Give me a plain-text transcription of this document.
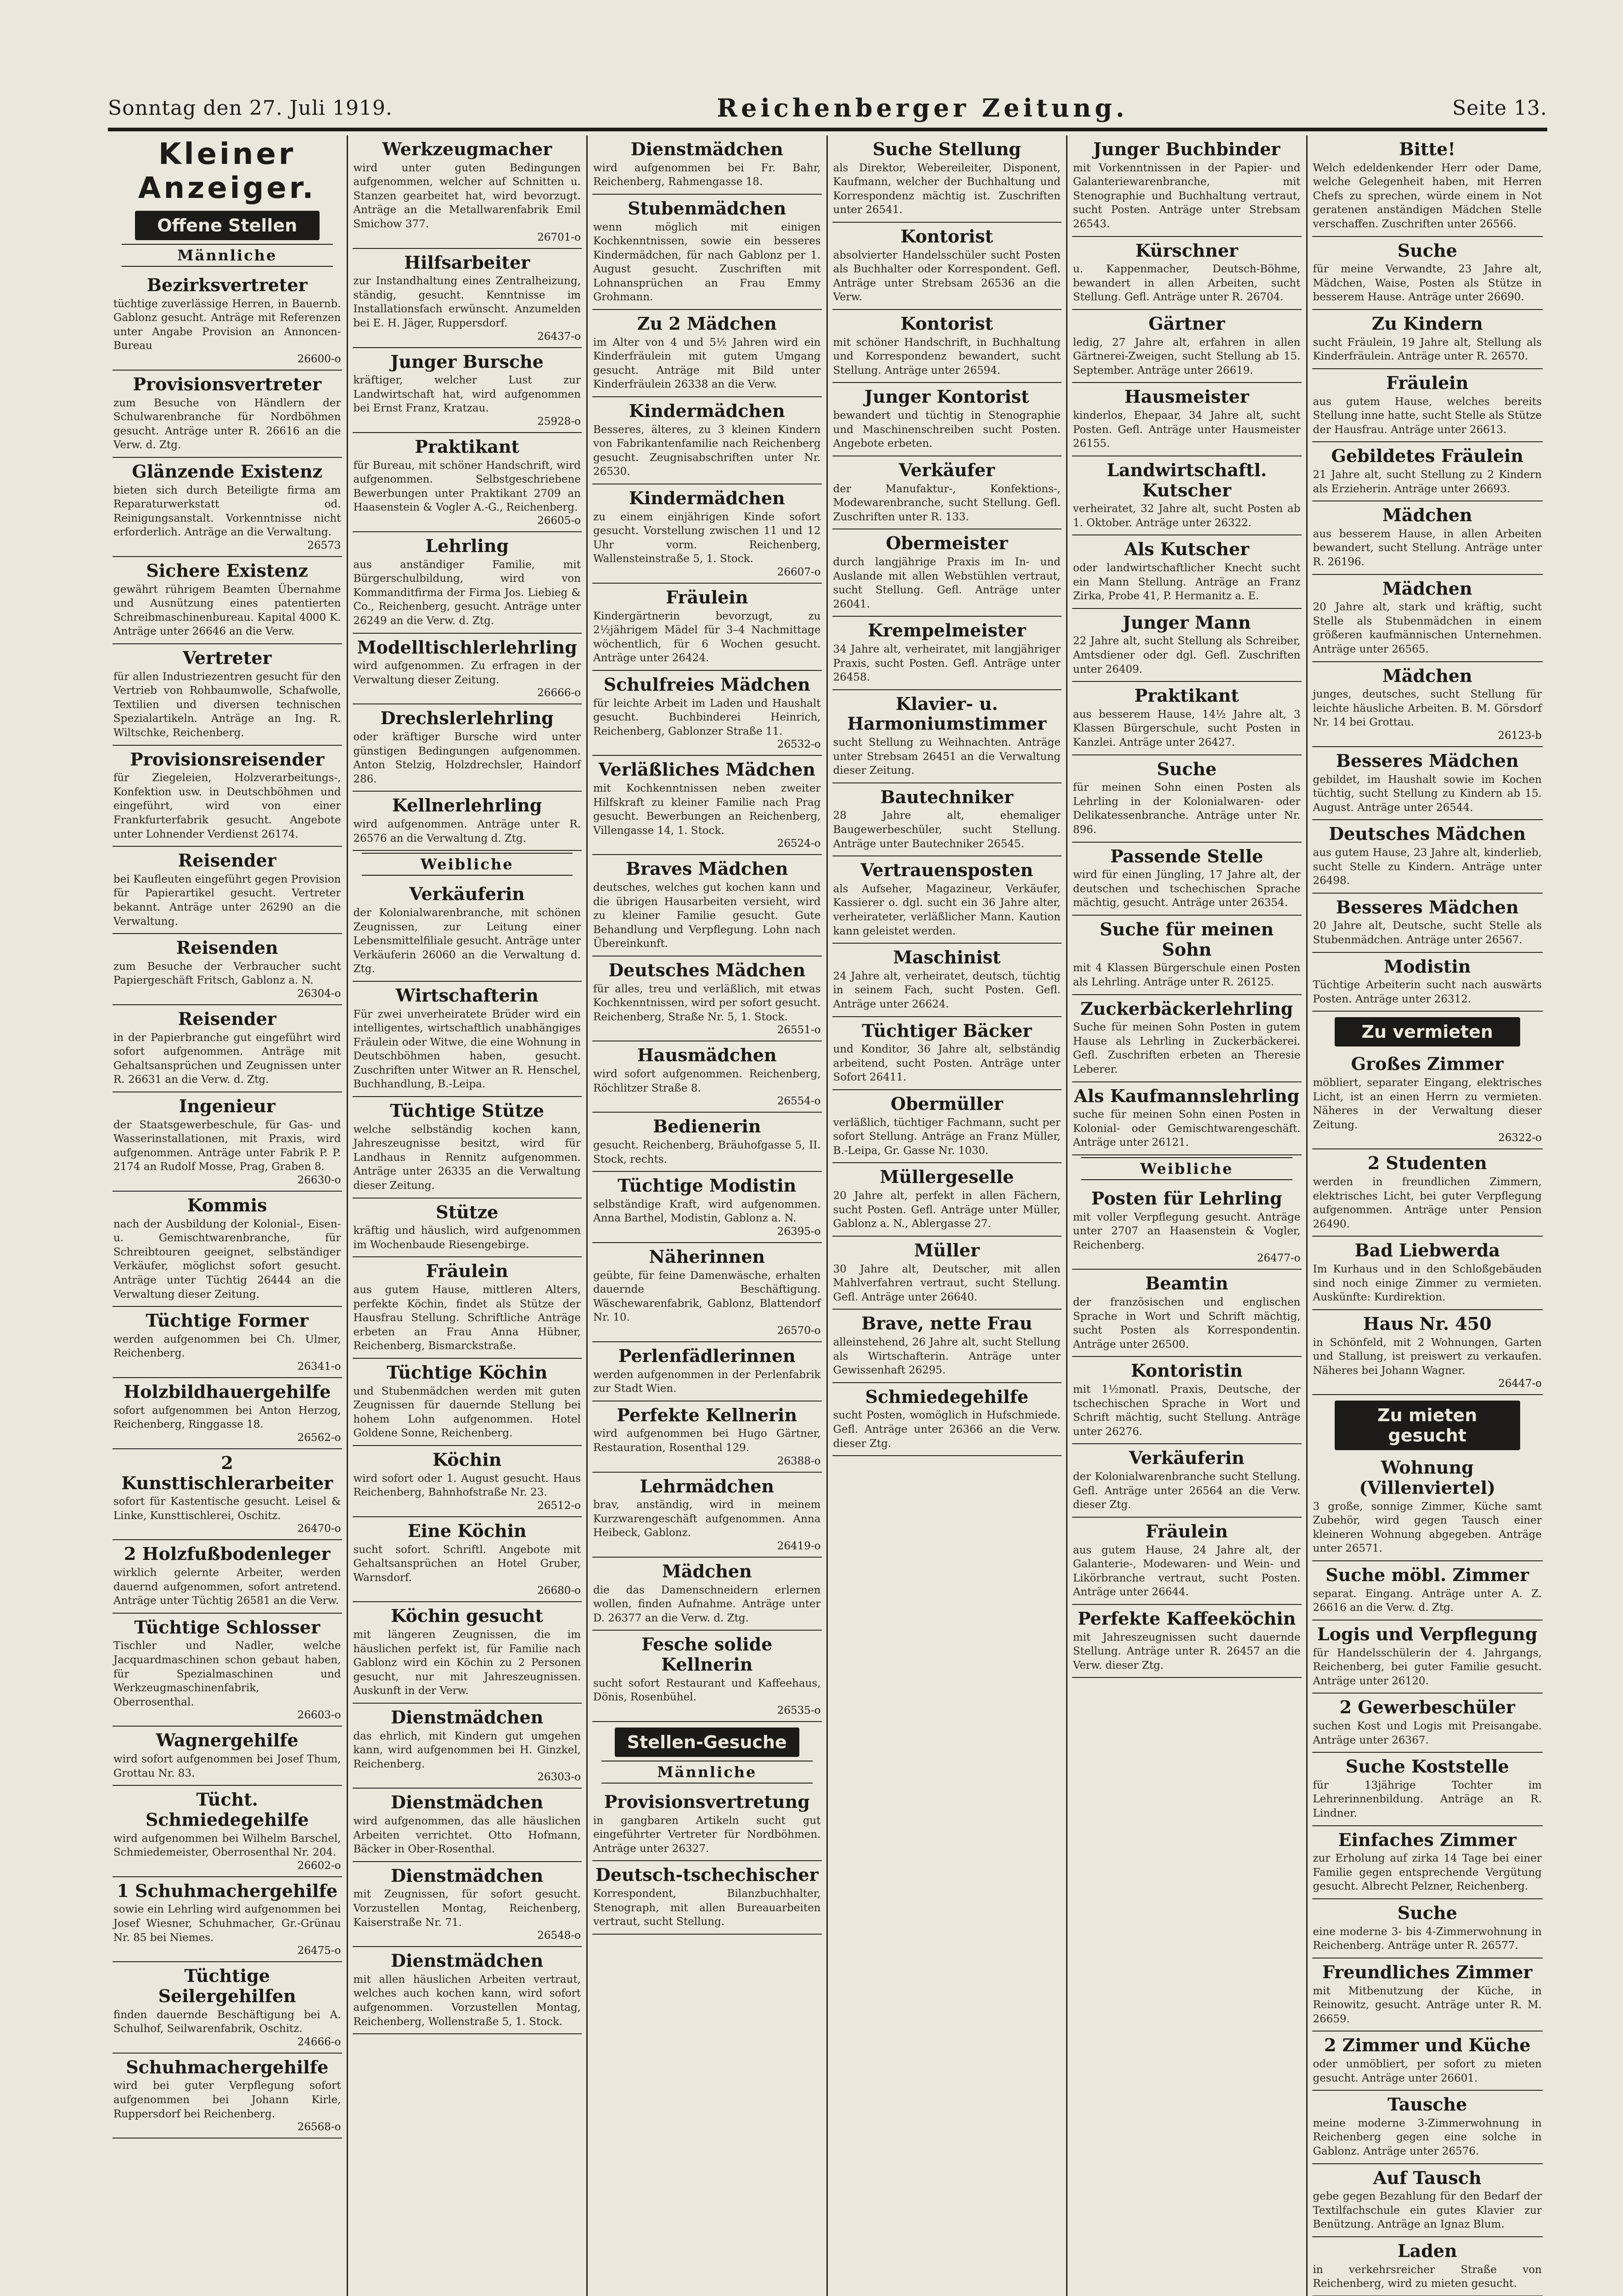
Sonntag den 27. Juli 1919.	Reichenberger Zeitung.	Seite 13.
Kleiner Anzeiger.
Offene Stellen
Männliche
Bezirksvertreter
tüchtige zuverlässige Herren, in Bauernb. Gablonz gesucht. Anträge mit Referenzen unter Angabe Provision an Annoncen-Bureau
26600-o
Provisionsvertreter
zum Besuche von Händlern der Schulwarenbranche für Nordböhmen gesucht. Anträge unter R. 26616 an die Verw. d. Ztg.
Glänzende Existenz
bieten sich durch Beteiligte firma am Reparaturwerkstatt od. Reinigungsanstalt. Vorkenntnisse nicht erforderlich. Anträge an die Verwaltung.
26573
Sichere Existenz
gewährt rührigem Beamten Übernahme und Ausnützung eines patentierten Schreibmaschinenbureau. Kapital 4000 K. Anträge unter 26646 an die Verw.
Vertreter
für allen Industriezentren gesucht für den Vertrieb von Rohbaumwolle, Schafwolle, Textilien und diversen technischen Spezialartikeln. Anträge an Ing. R. Wiltschke, Reichenberg.
Provisionsreisender
für Ziegeleien, Holzverarbeitungs-, Konfektion usw. in Deutschböhmen und eingeführt, wird von einer Frankfurterfabrik gesucht. Angebote unter Lohnender Verdienst 26174.
Reisender
bei Kaufleuten eingeführt gegen Provision für Papierartikel gesucht. Vertreter bekannt. Anträge unter 26290 an die Verwaltung.
Reisenden
zum Besuche der Verbraucher sucht Papiergeschäft Fritsch, Gablonz a. N.
26304-o
Reisender
in der Papierbranche gut eingeführt wird sofort aufgenommen. Anträge mit Gehaltsansprüchen und Zeugnissen unter R. 26631 an die Verw. d. Ztg.
Ingenieur
der Staatsgewerbeschule, für Gas- und Wasserinstallationen, mit Praxis, wird aufgenommen. Anträge unter Fabrik P. P. 2174 an Rudolf Mosse, Prag, Graben 8.
26630-o
Kommis
nach der Ausbildung der Kolonial-, Eisen- u. Gemischtwarenbranche, für Schreibtouren geeignet, selbständiger Verkäufer, möglichst sofort gesucht. Anträge unter Tüchtig 26444 an die Verwaltung dieser Zeitung.
Tüchtige Former
werden aufgenommen bei Ch. Ulmer, Reichenberg.
26341-o
Holzbildhauergehilfe
sofort aufgenommen bei Anton Herzog, Reichenberg, Ringgasse 18.
26562-o
2 Kunsttischlerarbeiter
sofort für Kastentische gesucht. Leisel & Linke, Kunsttischlerei, Oschitz.
26470-o
2 Holzfußbodenleger
wirklich gelernte Arbeiter, werden dauernd aufgenommen, sofort antretend. Anträge unter Tüchtig 26581 an die Verw.
Tüchtige Schlosser
Tischler und Nadler, welche Jacquardmaschinen schon gebaut haben, für Spezialmaschinen und Werkzeugmaschinenfabrik, Oberrosenthal.
26603-o
Wagnergehilfe
wird sofort aufgenommen bei Josef Thum, Grottau Nr. 83.
Tücht. Schmiedegehilfe
wird aufgenommen bei Wilhelm Barschel, Schmiedemeister, Oberrosenthal Nr. 204.
26602-o
1 Schuhmachergehilfe
sowie ein Lehrling wird aufgenommen bei Josef Wiesner, Schuhmacher, Gr.-Grünau Nr. 85 bei Niemes.
26475-o
Tüchtige Seilergehilfen
finden dauernde Beschäftigung bei A. Schulhof, Seilwarenfabrik, Oschitz.
24666-o
Schuhmachergehilfe
wird bei guter Verpflegung sofort aufgenommen bei Johann Kirle, Ruppersdorf bei Reichenberg.
26568-o
Werkzeugmacher
wird unter guten Bedingungen aufgenommen, welcher auf Schnitten u. Stanzen gearbeitet hat, wird bevorzugt. Anträge an die Metallwarenfabrik Emil Smichow 377.
26701-o
Hilfsarbeiter
zur Instandhaltung eines Zentralheizung, ständig, gesucht. Kenntnisse im Installationsfach erwünscht. Anzumelden bei E. H. Jäger, Ruppersdorf.
26437-o
Junger Bursche
kräftiger, welcher Lust zur Landwirtschaft hat, wird aufgenommen bei Ernst Franz, Kratzau.
25928-o
Praktikant
für Bureau, mit schöner Handschrift, wird aufgenommen. Selbstgeschriebene Bewerbungen unter Praktikant 2709 an Haasenstein & Vogler A.-G., Reichenberg.
26605-o
Lehrling
aus anständiger Familie, mit Bürgerschulbildung, wird von Kommanditfirma der Firma Jos. Liebieg & Co., Reichenberg, gesucht. Anträge unter 26249 an die Verw. d. Ztg.
Modelltischlerlehrling
wird aufgenommen. Zu erfragen in der Verwaltung dieser Zeitung.
26666-o
Drechslerlehrling
oder kräftiger Bursche wird unter günstigen Bedingungen aufgenommen. Anton Stelzig, Holzdrechsler, Haindorf 286.
Kellnerlehrling
wird aufgenommen. Anträge unter R. 26576 an die Verwaltung d. Ztg.
Weibliche
Verkäuferin
der Kolonialwarenbranche, mit schönen Zeugnissen, zur Leitung einer Lebensmittelfiliale gesucht. Anträge unter Verkäuferin 26060 an die Verwaltung d. Ztg.
Wirtschafterin
Für zwei unverheiratete Brüder wird ein intelligentes, wirtschaftlich unabhängiges Fräulein oder Witwe, die eine Wohnung in Deutschböhmen haben, gesucht. Zuschriften unter Witwer an R. Henschel, Buchhandlung, B.-Leipa.
Tüchtige Stütze
welche selbständig kochen kann, Jahreszeugnisse besitzt, wird für Landhaus in Rennitz aufgenommen. Anträge unter 26335 an die Verwaltung dieser Zeitung.
Stütze
kräftig und häuslich, wird aufgenommen im Wochenbaude Riesengebirge.
Fräulein
aus gutem Hause, mittleren Alters, perfekte Köchin, findet als Stütze der Hausfrau Stellung. Schriftliche Anträge erbeten an Frau Anna Hübner, Reichenberg, Bismarckstraße.
Tüchtige Köchin
und Stubenmädchen werden mit guten Zeugnissen für dauernde Stellung bei hohem Lohn aufgenommen. Hotel Goldene Sonne, Reichenberg.
Köchin
wird sofort oder 1. August gesucht. Haus Reichenberg, Bahnhofstraße Nr. 23.
26512-o
Eine Köchin
sucht sofort. Schriftl. Angebote mit Gehaltsansprüchen an Hotel Gruber, Warnsdorf.
26680-o
Köchin gesucht
mit längeren Zeugnissen, die im häuslichen perfekt ist, für Familie nach Gablonz wird ein Köchin zu 2 Personen gesucht, nur mit Jahreszeugnissen. Auskunft in der Verw.
Dienstmädchen
das ehrlich, mit Kindern gut umgehen kann, wird aufgenommen bei H. Ginzkel, Reichenberg.
26303-o
Dienstmädchen
wird aufgenommen, das alle häuslichen Arbeiten verrichtet. Otto Hofmann, Bäcker in Ober-Rosenthal.
Dienstmädchen
mit Zeugnissen, für sofort gesucht. Vorzustellen Montag, Reichenberg, Kaiserstraße Nr. 71.
26548-o
Dienstmädchen
mit allen häuslichen Arbeiten vertraut, welches auch kochen kann, wird sofort aufgenommen. Vorzustellen Montag, Reichenberg, Wollenstraße 5, 1. Stock.
Dienstmädchen
wird aufgenommen bei Fr. Bahr, Reichenberg, Rahmengasse 18.
Stubenmädchen
wenn möglich mit einigen Kochkenntnissen, sowie ein besseres Kindermädchen, für nach Gablonz per 1. August gesucht. Zuschriften mit Lohnansprüchen an Frau Emmy Grohmann.
Zu 2 Mädchen
im Alter von 4 und 5½ Jahren wird ein Kinderfräulein mit gutem Umgang gesucht. Anträge mit Bild unter Kinderfräulein 26338 an die Verw.
Kindermädchen
Besseres, älteres, zu 3 kleinen Kindern von Fabrikantenfamilie nach Reichenberg gesucht. Zeugnisabschriften unter Nr. 26530.
Kindermädchen
zu einem einjährigen Kinde sofort gesucht. Vorstellung zwischen 11 und 12 Uhr vorm. Reichenberg, Wallensteinstraße 5, 1. Stock.
26607-o
Fräulein
Kindergärtnerin bevorzugt, zu 2½jährigem Mädel für 3–4 Nachmittage wöchentlich, für 6 Wochen gesucht. Anträge unter 26424.
Schulfreies Mädchen
für leichte Arbeit im Laden und Haushalt gesucht. Buchbinderei Heinrich, Reichenberg, Gablonzer Straße 11.
26532-o
Verläßliches Mädchen
mit Kochkenntnissen neben zweiter Hilfskraft zu kleiner Familie nach Prag gesucht. Bewerbungen an Reichenberg, Villengasse 14, 1. Stock.
26524-o
Braves Mädchen
deutsches, welches gut kochen kann und die übrigen Hausarbeiten versieht, wird zu kleiner Familie gesucht. Gute Behandlung und Verpflegung. Lohn nach Übereinkunft.
Deutsches Mädchen
für alles, treu und verläßlich, mit etwas Kochkenntnissen, wird per sofort gesucht. Reichenberg, Straße Nr. 5, 1. Stock.
26551-o
Hausmädchen
wird sofort aufgenommen. Reichenberg, Röchlitzer Straße 8.
26554-o
Bedienerin
gesucht. Reichenberg, Bräuhofgasse 5, II. Stock, rechts.
Tüchtige Modistin
selbständige Kraft, wird aufgenommen. Anna Barthel, Modistin, Gablonz a. N.
26395-o
Näherinnen
geübte, für feine Damenwäsche, erhalten dauernde Beschäftigung. Wäschewarenfabrik, Gablonz, Blattendorf Nr. 10.
26570-o
Perlenfädlerinnen
werden aufgenommen in der Perlenfabrik zur Stadt Wien.
Perfekte Kellnerin
wird aufgenommen bei Hugo Gärtner, Restauration, Rosenthal 129.
26388-o
Lehrmädchen
brav, anständig, wird in meinem Kurzwarengeschäft aufgenommen. Anna Heibeck, Gablonz.
26419-o
Mädchen
die das Damenschneidern erlernen wollen, finden Aufnahme. Anträge unter D. 26377 an die Verw. d. Ztg.
Fesche solide Kellnerin
sucht sofort Restaurant und Kaffeehaus, Dönis, Rosenbühel.
26535-o
Stellen-Gesuche
Männliche
Provisionsvertretung
in gangbaren Artikeln sucht gut eingeführter Vertreter für Nordböhmen. Anträge unter 26327.
Deutsch-tschechischer
Korrespondent, Bilanzbuchhalter, Stenograph, mit allen Bureauarbeiten vertraut, sucht Stellung.
Suche Stellung
als Direktor, Webereileiter, Disponent, Kaufmann, welcher der Buchhaltung und Korrespondenz mächtig ist. Zuschriften unter 26541.
Kontorist
absolvierter Handelsschüler sucht Posten als Buchhalter oder Korrespondent. Gefl. Anträge unter Strebsam 26536 an die Verw.
Kontorist
mit schöner Handschrift, in Buchhaltung und Korrespondenz bewandert, sucht Stellung. Anträge unter 26594.
Junger Kontorist
bewandert und tüchtig in Stenographie und Maschinenschreiben sucht Posten. Angebote erbeten.
Verkäufer
der Manufaktur-, Konfektions-, Modewarenbranche, sucht Stellung. Gefl. Zuschriften unter R. 133.
Obermeister
durch langjährige Praxis im In- und Auslande mit allen Webstühlen vertraut, sucht Stellung. Gefl. Anträge unter 26041.
Krempelmeister
34 Jahre alt, verheiratet, mit langjähriger Praxis, sucht Posten. Gefl. Anträge unter 26458.
Klavier- u. Harmoniumstimmer
sucht Stellung zu Weihnachten. Anträge unter Strebsam 26451 an die Verwaltung dieser Zeitung.
Bautechniker
28 Jahre alt, ehemaliger Baugewerbeschüler, sucht Stellung. Anträge unter Bautechniker 26545.
Vertrauensposten
als Aufseher, Magazineur, Verkäufer, Kassierer o. dgl. sucht ein 36 Jahre alter, verheirateter, verläßlicher Mann. Kaution kann geleistet werden.
Maschinist
24 Jahre alt, verheiratet, deutsch, tüchtig in seinem Fach, sucht Posten. Gefl. Anträge unter 26624.
Tüchtiger Bäcker
und Konditor, 36 Jahre alt, selbständig arbeitend, sucht Posten. Anträge unter Sofort 26411.
Obermüller
verläßlich, tüchtiger Fachmann, sucht per sofort Stellung. Anträge an Franz Müller, B.-Leipa, Gr. Gasse Nr. 1030.
Müllergeselle
20 Jahre alt, perfekt in allen Fächern, sucht Posten. Gefl. Anträge unter Müller, Gablonz a. N., Ablergasse 27.
Müller
30 Jahre alt, Deutscher, mit allen Mahlverfahren vertraut, sucht Stellung. Gefl. Anträge unter 26640.
Brave, nette Frau
alleinstehend, 26 Jahre alt, sucht Stellung als Wirtschafterin. Anträge unter Gewissenhaft 26295.
Schmiedegehilfe
sucht Posten, womöglich in Hufschmiede. Gefl. Anträge unter 26366 an die Verw. dieser Ztg.
Junger Buchbinder
mit Vorkenntnissen in der Papier- und Galanteriewarenbranche, mit Stenographie und Buchhaltung vertraut, sucht Posten. Anträge unter Strebsam 26543.
Kürschner
u. Kappenmacher, Deutsch-Böhme, bewandert in allen Arbeiten, sucht Stellung. Gefl. Anträge unter R. 26704.
Gärtner
ledig, 27 Jahre alt, erfahren in allen Gärtnerei-Zweigen, sucht Stellung ab 15. September. Anträge unter 26619.
Hausmeister
kinderlos, Ehepaar, 34 Jahre alt, sucht Posten. Gefl. Anträge unter Hausmeister 26155.
Landwirtschaftl. Kutscher
verheiratet, 32 Jahre alt, sucht Posten ab 1. Oktober. Anträge unter 26322.
Als Kutscher
oder landwirtschaftlicher Knecht sucht ein Mann Stellung. Anträge an Franz Zirka, Probe 41, P. Hermanitz a. E.
Junger Mann
22 Jahre alt, sucht Stellung als Schreiber, Amtsdiener oder dgl. Gefl. Zuschriften unter 26409.
Praktikant
aus besserem Hause, 14½ Jahre alt, 3 Klassen Bürgerschule, sucht Posten in Kanzlei. Anträge unter 26427.
Suche
für meinen Sohn einen Posten als Lehrling in der Kolonialwaren- oder Delikatessenbranche. Anträge unter Nr. 896.
Passende Stelle
wird für einen Jüngling, 17 Jahre alt, der deutschen und tschechischen Sprache mächtig, gesucht. Anträge unter 26354.
Suche für meinen Sohn
mit 4 Klassen Bürgerschule einen Posten als Lehrling. Anträge unter R. 26125.
Zuckerbäckerlehrling
Suche für meinen Sohn Posten in gutem Hause als Lehrling in Zuckerbäckerei. Gefl. Zuschriften erbeten an Theresie Leberer.
Als Kaufmannslehrling
suche für meinen Sohn einen Posten in Kolonial- oder Gemischtwarengeschäft. Anträge unter 26121.
Weibliche
Posten für Lehrling
mit voller Verpflegung gesucht. Anträge unter 2707 an Haasenstein & Vogler, Reichenberg.
26477-o
Beamtin
der französischen und englischen Sprache in Wort und Schrift mächtig, sucht Posten als Korrespondentin. Anträge unter 26500.
Kontoristin
mit 1½monatl. Praxis, Deutsche, der tschechischen Sprache in Wort und Schrift mächtig, sucht Stellung. Anträge unter 26276.
Verkäuferin
der Kolonialwarenbranche sucht Stellung. Gefl. Anträge unter 26564 an die Verw. dieser Ztg.
Fräulein
aus gutem Hause, 24 Jahre alt, der Galanterie-, Modewaren- und Wein- und Likörbranche vertraut, sucht Posten. Anträge unter 26644.
Perfekte Kaffeeköchin
mit Jahreszeugnissen sucht dauernde Stellung. Anträge unter R. 26457 an die Verw. dieser Ztg.
Bitte!
Welch edeldenkender Herr oder Dame, welche Gelegenheit haben, mit Herren Chefs zu sprechen, würde einem in Not geratenen anständigen Mädchen Stelle verschaffen. Zuschriften unter 26566.
Suche
für meine Verwandte, 23 Jahre alt, Mädchen, Waise, Posten als Stütze in besserem Hause. Anträge unter 26690.
Zu Kindern
sucht Fräulein, 19 Jahre alt, Stellung als Kinderfräulein. Anträge unter R. 26570.
Fräulein
aus gutem Hause, welches bereits Stellung inne hatte, sucht Stelle als Stütze der Hausfrau. Anträge unter 26613.
Gebildetes Fräulein
21 Jahre alt, sucht Stellung zu 2 Kindern als Erzieherin. Anträge unter 26693.
Mädchen
aus besserem Hause, in allen Arbeiten bewandert, sucht Stellung. Anträge unter R. 26196.
Mädchen
20 Jahre alt, stark und kräftig, sucht Stelle als Stubenmädchen in einem größeren kaufmännischen Unternehmen. Anträge unter 26565.
Mädchen
junges, deutsches, sucht Stellung für leichte häusliche Arbeiten. B. M. Görsdorf Nr. 14 bei Grottau.
26123-b
Besseres Mädchen
gebildet, im Haushalt sowie im Kochen tüchtig, sucht Stellung zu Kindern ab 15. August. Anträge unter 26544.
Deutsches Mädchen
aus gutem Hause, 23 Jahre alt, kinderlieb, sucht Stelle zu Kindern. Anträge unter 26498.
Besseres Mädchen
20 Jahre alt, Deutsche, sucht Stelle als Stubenmädchen. Anträge unter 26567.
Modistin
Tüchtige Arbeiterin sucht nach auswärts Posten. Anträge unter 26312.
Zu vermieten
Großes Zimmer
möbliert, separater Eingang, elektrisches Licht, ist an einen Herrn zu vermieten. Näheres in der Verwaltung dieser Zeitung.
26322-o
2 Studenten
werden in freundlichen Zimmern, elektrisches Licht, bei guter Verpflegung aufgenommen. Anträge unter Pension 26490.
Bad Liebwerda
Im Kurhaus und in den Schloßgebäuden sind noch einige Zimmer zu vermieten. Auskünfte: Kurdirektion.
Haus Nr. 450
in Schönfeld, mit 2 Wohnungen, Garten und Stallung, ist preiswert zu verkaufen. Näheres bei Johann Wagner.
26447-o
Zu mieten gesucht
Wohnung (Villenviertel)
3 große, sonnige Zimmer, Küche samt Zubehör, wird gegen Tausch einer kleineren Wohnung abgegeben. Anträge unter 26571.
Suche möbl. Zimmer
separat. Eingang. Anträge unter A. Z. 26616 an die Verw. d. Ztg.
Logis und Verpflegung
für Handelsschülerin der 4. Jahrgangs, Reichenberg, bei guter Familie gesucht. Anträge unter 26120.
2 Gewerbeschüler
suchen Kost und Logis mit Preisangabe. Anträge unter 26367.
Suche Koststelle
für 13jährige Tochter im Lehrerinnenbildung. Anträge an R. Lindner.
Einfaches Zimmer
zur Erholung auf zirka 14 Tage bei einer Familie gegen entsprechende Vergütung gesucht. Albrecht Pelzner, Reichenberg.
Suche
eine moderne 3- bis 4-Zimmerwohnung in Reichenberg. Anträge unter R. 26577.
Freundliches Zimmer
mit Mitbenutzung der Küche, in Reinowitz, gesucht. Anträge unter R. M. 26659.
2 Zimmer und Küche
oder unmöbliert, per sofort zu mieten gesucht. Anträge unter 26601.
Tausche
meine moderne 3-Zimmerwohnung in Reichenberg gegen eine solche in Gablonz. Anträge unter 26576.
Auf Tausch
gebe gegen Bezahlung für den Bedarf der Textilfachschule ein gutes Klavier zur Benützung. Anträge an Ignaz Blum.
Laden
in verkehrsreicher Straße von Reichenberg, wird zu mieten gesucht.
